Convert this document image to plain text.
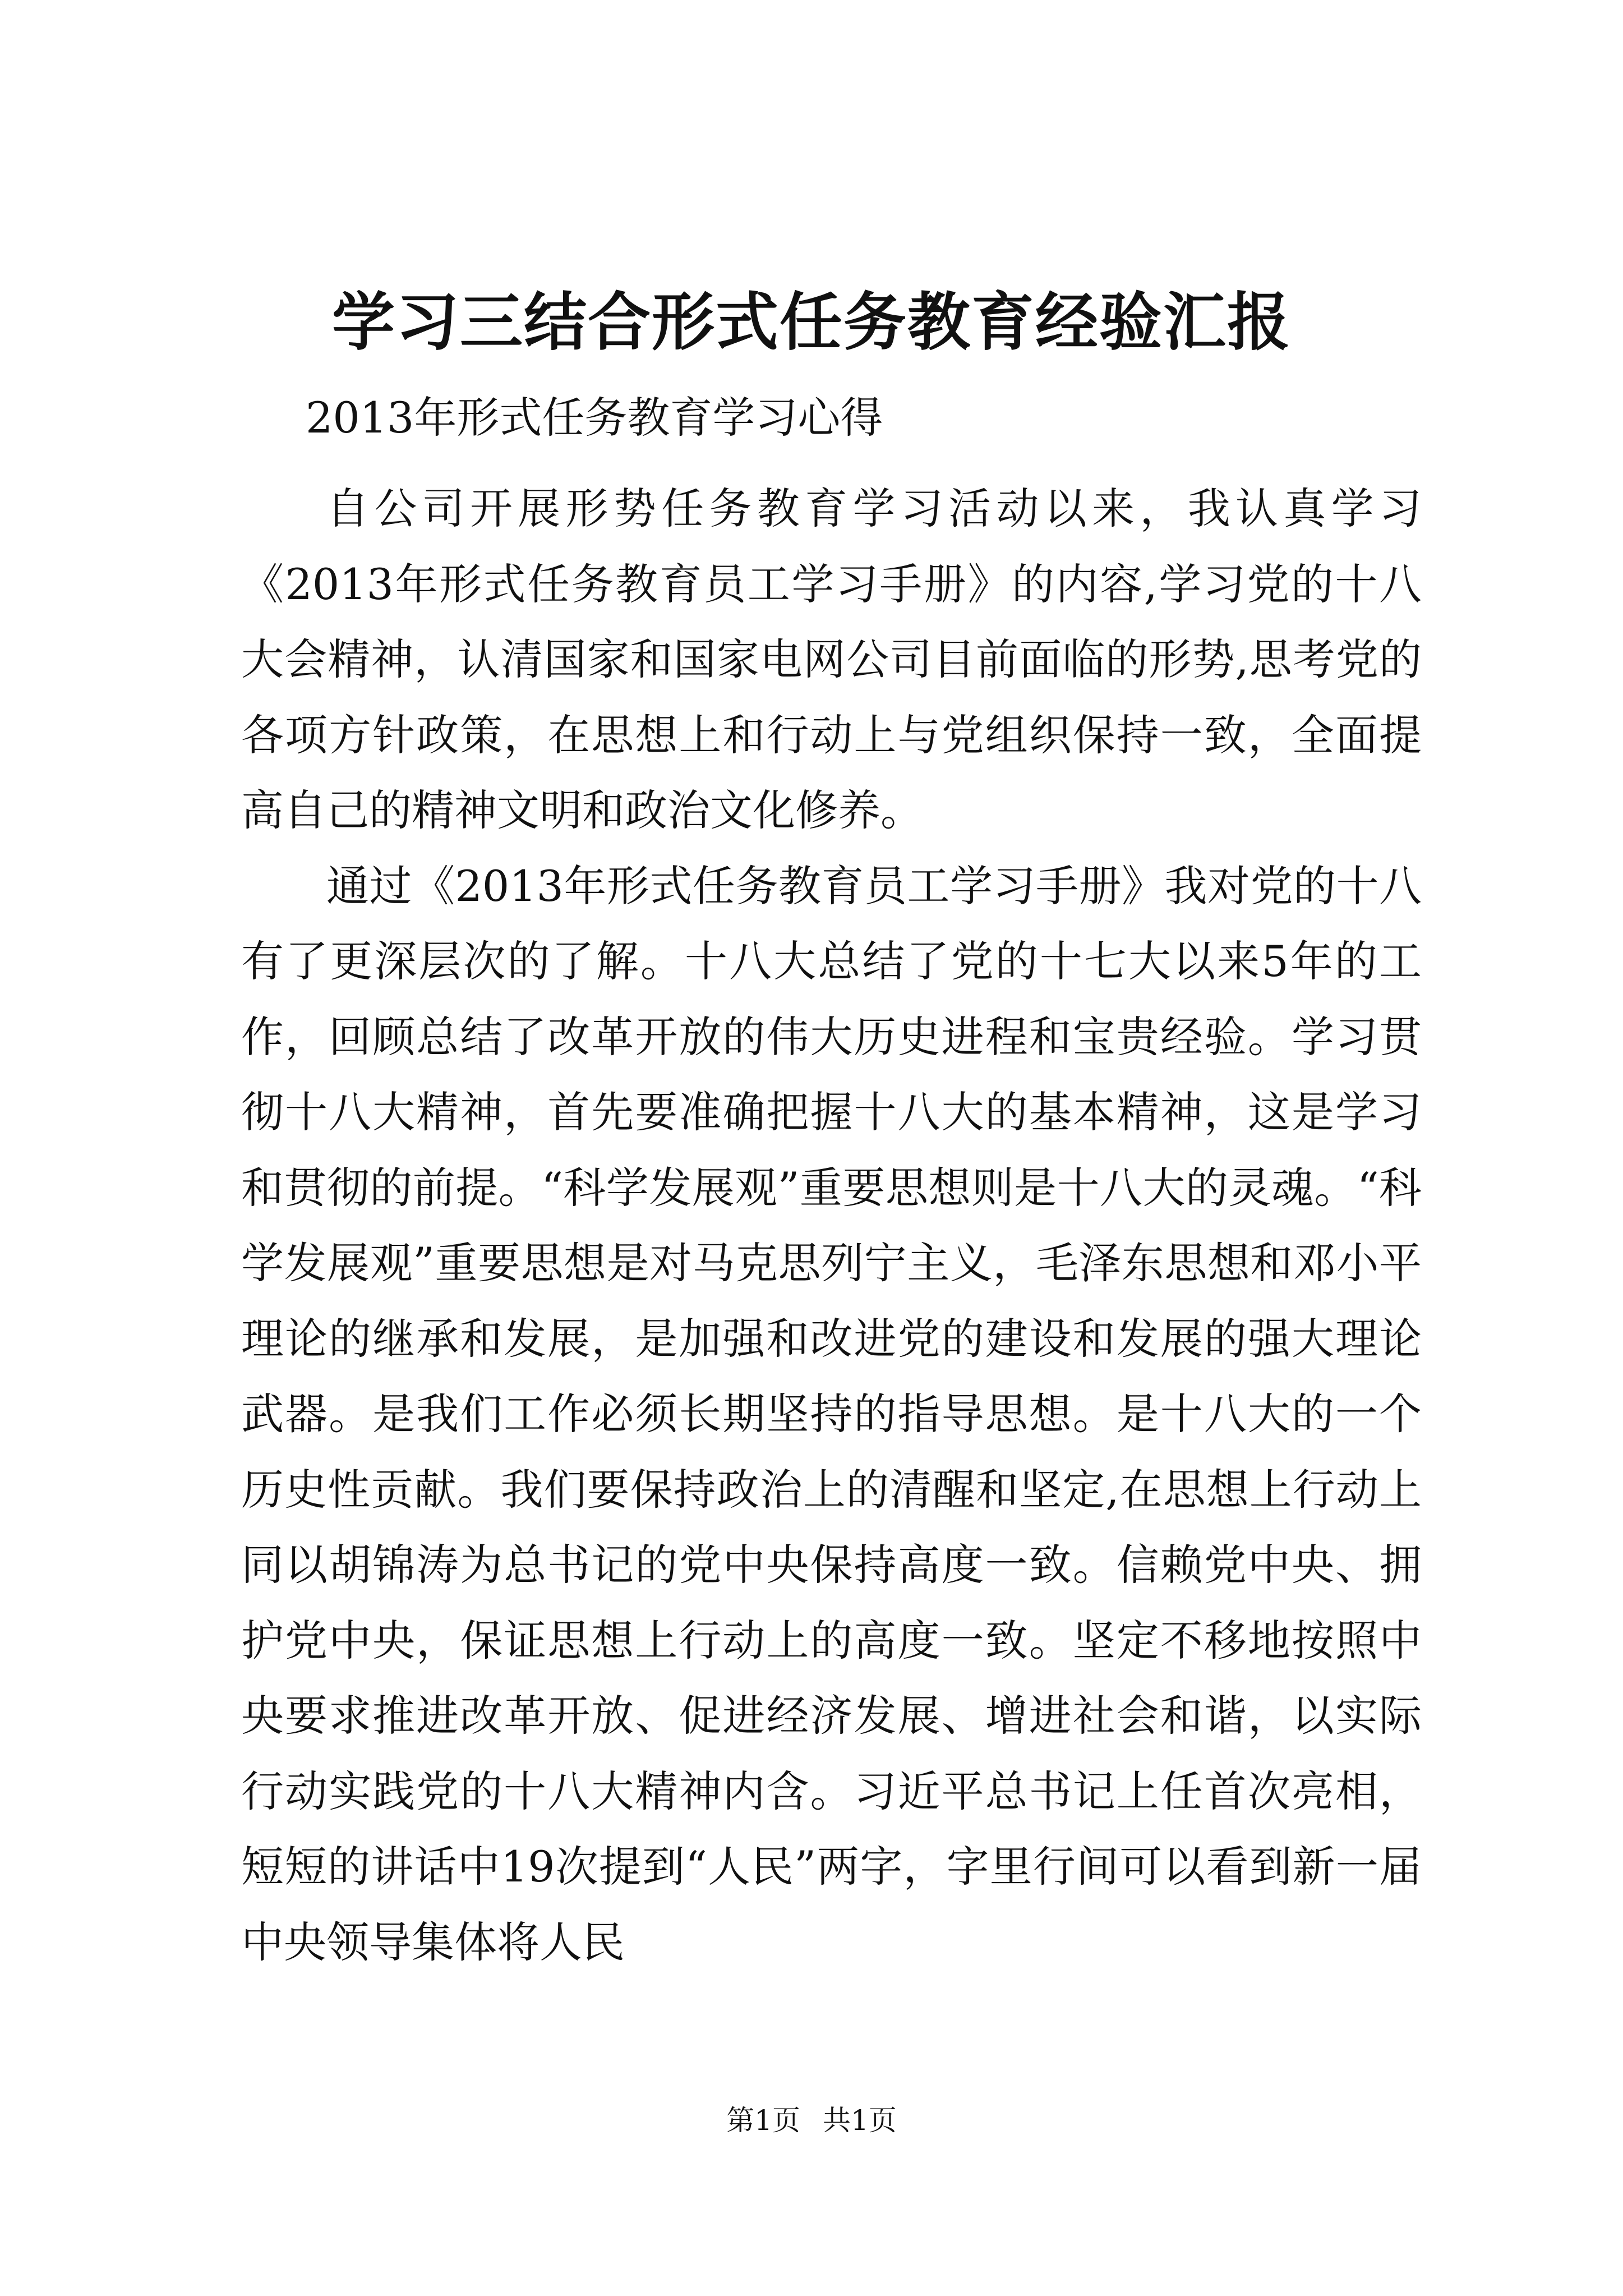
学习三结合形式任务教育经验汇报

2013年形式任务教育学习心得

自公司开展形势任务教育学习活动以来，我认真学习《2013年形式任务教育员工学习手册》的内容,学习党的十八大会精神，认清国家和国家电网公司目前面临的形势,思考党的各项方针政策，在思想上和行动上与党组织保持一致，全面提高自己的精神文明和政治文化修养。

通过《2013年形式任务教育员工学习手册》我对党的十八有了更深层次的了解。十八大总结了党的十七大以来5年的工作，回顾总结了改革开放的伟大历史进程和宝贵经验。学习贯彻十八大精神，首先要准确把握十八大的基本精神，这是学习和贯彻的前提。“科学发展观”重要思想则是十八大的灵魂。“科学发展观”重要思想是对马克思列宁主义，毛泽东思想和邓小平理论的继承和发展，是加强和改进党的建设和发展的强大理论武器。是我们工作必须长期坚持的指导思想。是十八大的一个历史性贡献。我们要保持政治上的清醒和坚定,在思想上行动上同以胡锦涛为总书记的党中央保持高度一致。信赖党中央、拥护党中央，保证思想上行动上的高度一致。坚定不移地按照中央要求推进改革开放、促进经济发展、增进社会和谐，以实际行动实践党的十八大精神内含。习近平总书记上任首次亮相，短短的讲话中19次提到“人民”两字，字里行间可以看到新一届中央领导集体将人民

第1页 共1页
